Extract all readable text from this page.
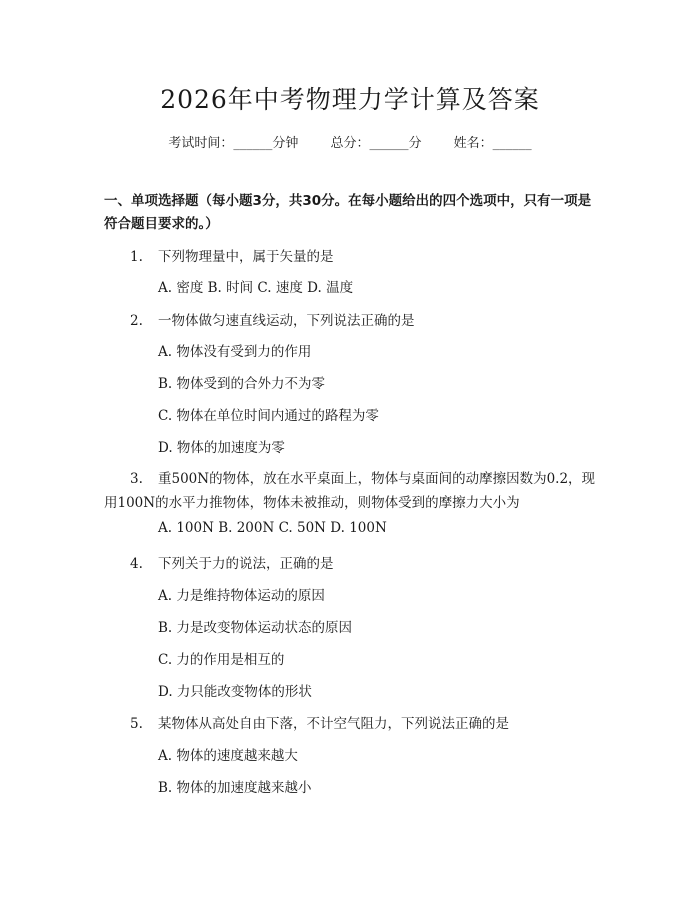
2026年中考物理力学计算及答案
考试时间：______分钟 总分：______分 姓名：______
一、单项选择题（每小题3分，共30分。在每小题给出的四个选项中，只有一项是符合题目要求的。）
1. 下列物理量中，属于矢量的是
A. 密度 B. 时间 C. 速度 D. 温度
2. 一物体做匀速直线运动，下列说法正确的是
A. 物体没有受到力的作用
B. 物体受到的合外力不为零
C. 物体在单位时间内通过的路程为零
D. 物体的加速度为零
3. 重500N的物体，放在水平桌面上，物体与桌面间的动摩擦因数为0.2，现用100N的水平力推物体，物体未被推动，则物体受到的摩擦力大小为
A. 100N B. 200N C. 50N D. 100N
4. 下列关于力的说法，正确的是
A. 力是维持物体运动的原因
B. 力是改变物体运动状态的原因
C. 力的作用是相互的
D. 力只能改变物体的形状
5. 某物体从高处自由下落，不计空气阻力，下列说法正确的是
A. 物体的速度越来越大
B. 物体的加速度越来越小
